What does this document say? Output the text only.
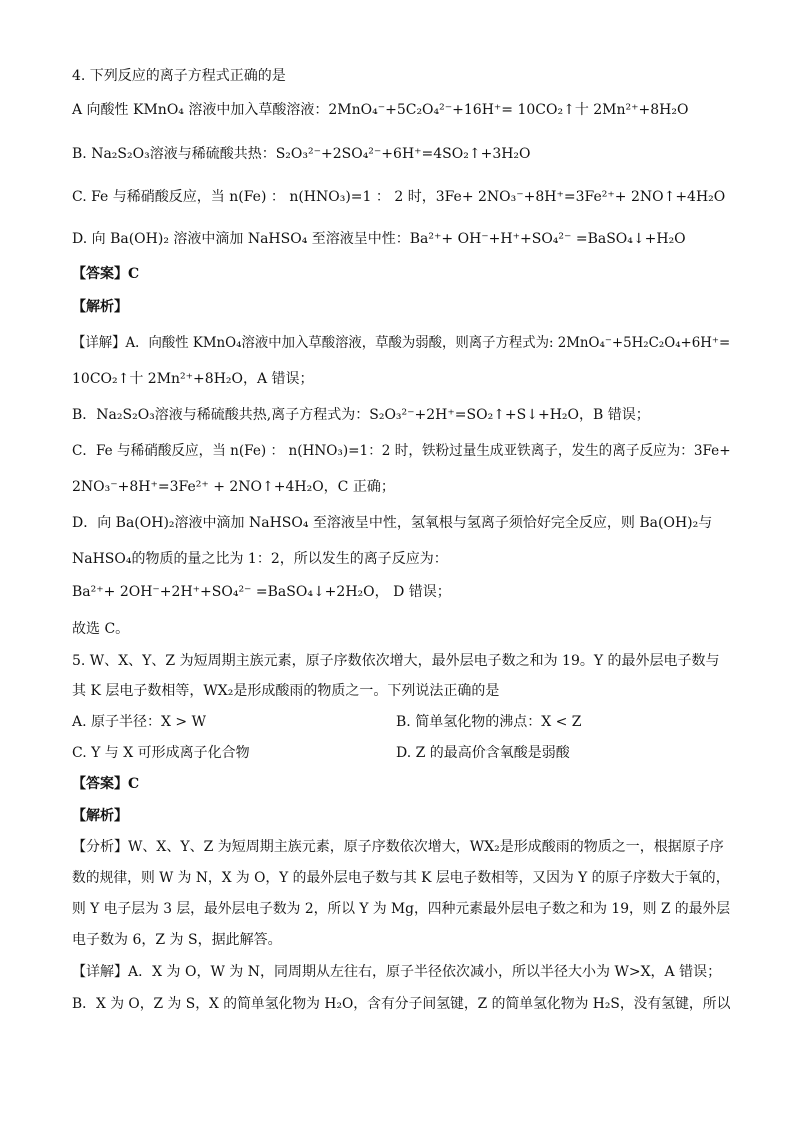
4. 下列反应的离子方程式正确的是
A 向酸性 KMnO₄ 溶液中加入草酸溶液：2MnO₄⁻+5C₂O₄²⁻+16H⁺= 10CO₂↑十 2Mn²⁺+8H₂O
B. Na₂S₂O₃溶液与稀硫酸共热：S₂O₃²⁻+2SO₄²⁻+6H⁺=4SO₂↑+3H₂O
C. Fe 与稀硝酸反应，当 n(Fe) ： n(HNO₃)=1 ： 2 时，3Fe+ 2NO₃⁻+8H⁺=3Fe²⁺+ 2NO↑+4H₂O
D. 向 Ba(OH)₂ 溶液中滴加 NaHSO₄ 至溶液呈中性：Ba²⁺+ OH⁻+H⁺+SO₄²⁻ =BaSO₄↓+H₂O
【答案】C
【解析】
【详解】A．向酸性 KMnO₄溶液中加入草酸溶液，草酸为弱酸，则离子方程式为: 2MnO₄⁻+5H₂C₂O₄+6H⁺=
10CO₂↑十 2Mn²⁺+8H₂O，A 错误；
B．Na₂S₂O₃溶液与稀硫酸共热,离子方程式为：S₂O₃²⁻+2H⁺=SO₂↑+S↓+H₂O，B 错误；
C．Fe 与稀硝酸反应，当 n(Fe) ： n(HNO₃)=1：2 时，铁粉过量生成亚铁离子，发生的离子反应为：3Fe+
2NO₃⁻+8H⁺=3Fe²⁺ + 2NO↑+4H₂O，C 正确；
D．向 Ba(OH)₂溶液中滴加 NaHSO₄ 至溶液呈中性，氢氧根与氢离子须恰好完全反应，则 Ba(OH)₂与
NaHSO₄的物质的量之比为 1：2，所以发生的离子反应为：
Ba²⁺+ 2OH⁻+2H⁺+SO₄²⁻ =BaSO₄↓+2H₂O， D 错误；
故选 C。
5. W、X、Y、Z 为短周期主族元素，原子序数依次增大，最外层电子数之和为 19。Y 的最外层电子数与
其 K 层电子数相等，WX₂是形成酸雨的物质之一。下列说法正确的是
A. 原子半径：X > W	B. 简单氢化物的沸点：X < Z
C. Y 与 X 可形成离子化合物	D. Z 的最高价含氧酸是弱酸
【答案】C
【解析】
【分析】W、X、Y、Z 为短周期主族元素，原子序数依次增大，WX₂是形成酸雨的物质之一，根据原子序
数的规律，则 W 为 N，X 为 O，Y 的最外层电子数与其 K 层电子数相等，又因为 Y 的原子序数大于氧的，
则 Y 电子层为 3 层，最外层电子数为 2，所以 Y 为 Mg，四种元素最外层电子数之和为 19，则 Z 的最外层
电子数为 6，Z 为 S，据此解答。
【详解】A．X 为 O，W 为 N，同周期从左往右，原子半径依次减小，所以半径大小为 W>X，A 错误；
B．X 为 O，Z 为 S，X 的简单氢化物为 H₂O，含有分子间氢键，Z 的简单氢化物为 H₂S，没有氢键，所以
